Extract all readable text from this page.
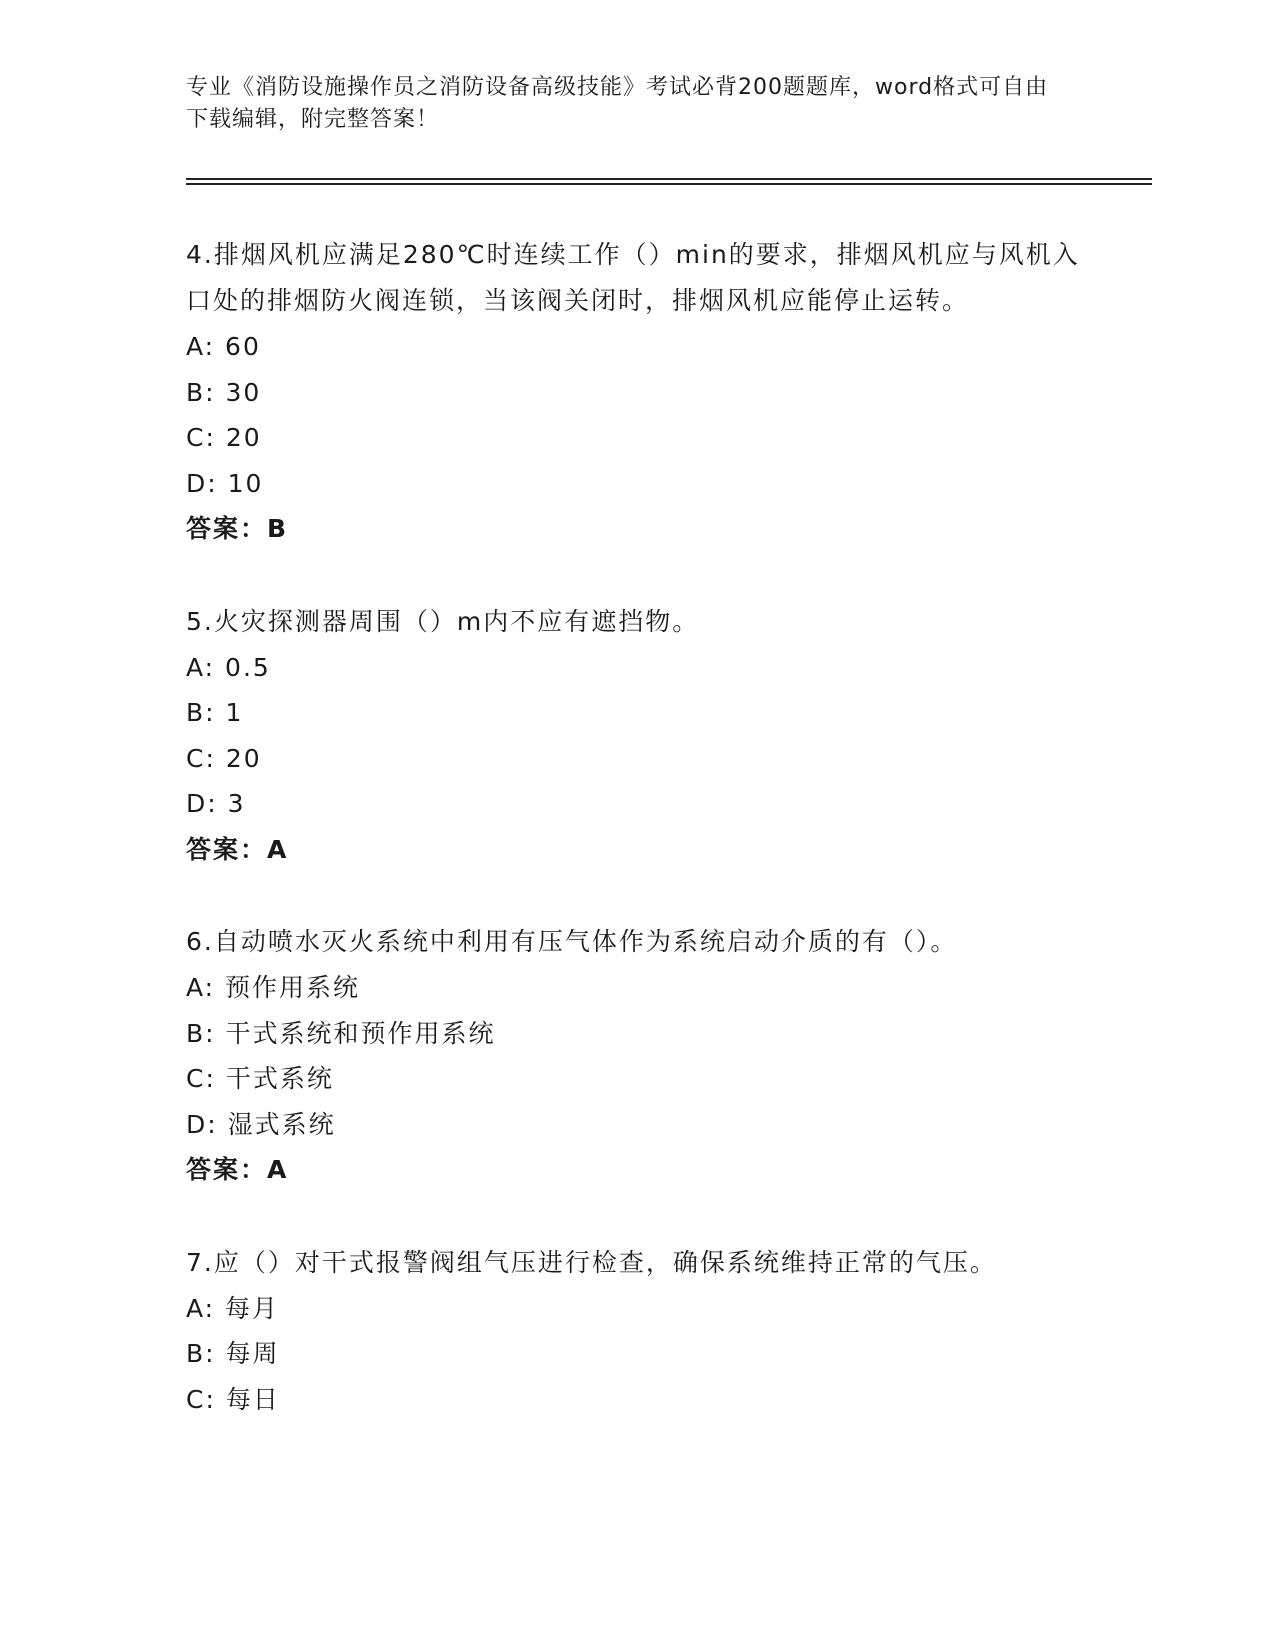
专业《消防设施操作员之消防设备高级技能》考试必背200题题库，word格式可自由下载编辑，附完整答案！
4.排烟风机应满足280℃时连续工作（）min的要求，排烟风机应与风机入口处的排烟防火阀连锁，当该阀关闭时，排烟风机应能停止运转。
A: 60
B: 30
C: 20
D: 10
答案：B
5.火灾探测器周围（）m内不应有遮挡物。
A: 0.5
B: 1
C: 20
D: 3
答案：A
6.自动喷水灭火系统中利用有压气体作为系统启动介质的有（）。
A: 预作用系统
B: 干式系统和预作用系统
C: 干式系统
D: 湿式系统
答案：A
7.应（）对干式报警阀组气压进行检查，确保系统维持正常的气压。
A: 每月
B: 每周
C: 每日
